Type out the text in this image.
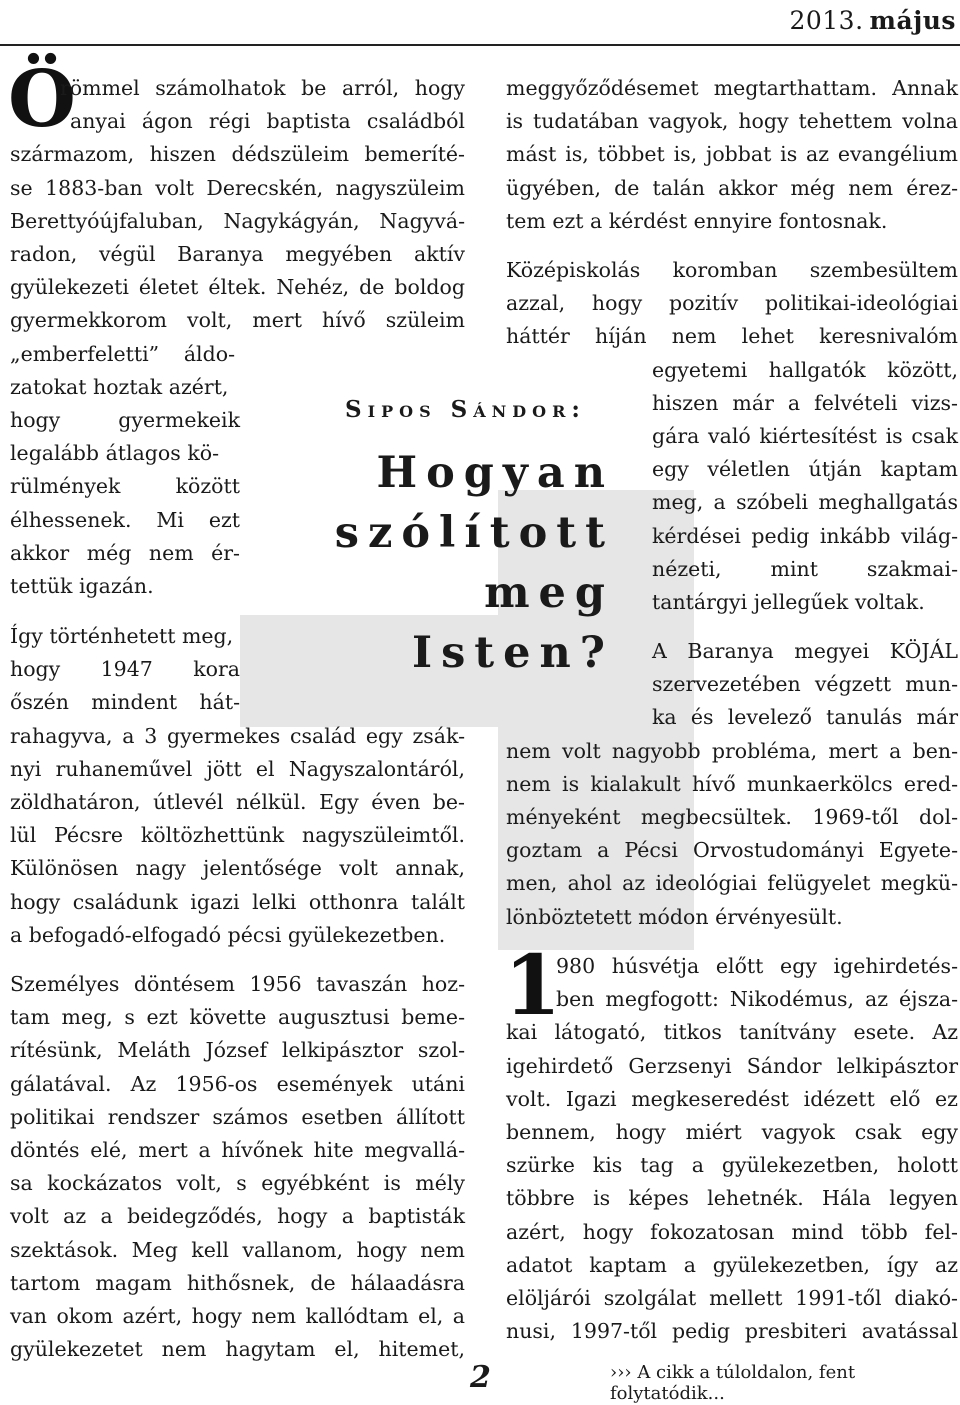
2013. május
Ö
römmel számolhatok be arról, hogy
anyai ágon régi baptista családból
származom, hiszen dédszüleim bemeríté-
se 1883-ban volt Derecskén, nagyszüleim
Berettyóújfaluban, Nagykágyán, Nagyvá-
radon, végül Baranya megyében aktív
gyülekezeti életet éltek. Nehéz, de boldog
gyermekkorom volt, mert hívő szüleim
„emberfeletti” áldo-
zatokat hoztak azért,
hogy gyermekeik
legalább átlagos kö-
rülmények között
élhessenek. Mi ezt
akkor még nem ér-
tettük igazán.
Így történhetett meg,
hogy 1947 kora
őszén mindent hát-
rahagyva, a 3 gyermekes család egy zsák-
nyi ruhaneművel jött el Nagyszalontáról,
zöldhatáron, útlevél nélkül. Egy éven be-
lül Pécsre költözhettünk nagyszüleimtől.
Különösen nagy jelentősége volt annak,
hogy családunk igazi lelki otthonra talált
a befogadó-elfogadó pécsi gyülekezetben.
Személyes döntésem 1956 tavaszán hoz-
tam meg, s ezt követte augusztusi beme-
rítésünk, Meláth József lelkipásztor szol-
gálatával. Az 1956-os események utáni
politikai rendszer számos esetben állított
döntés elé, mert a hívőnek hite megvallá-
sa kockázatos volt, s egyébként is mély
volt az a beidegződés, hogy a baptisták
szektások. Meg kell vallanom, hogy nem
tartom magam hithősnek, de hálaadásra
van okom azért, hogy nem kallódtam el, a
gyülekezetet nem hagytam el, hitemet,
Sipos Sándor:
Hogyan
szólított
meg
Isten?
meggyőződésemet megtarthattam. Annak
is tudatában vagyok, hogy tehettem volna
mást is, többet is, jobbat is az evangélium
ügyében, de talán akkor még nem érez-
tem ezt a kérdést ennyire fontosnak.
Középiskolás koromban szembesültem
azzal, hogy pozitív politikai-ideológiai
háttér híján nem lehet keresnivalóm
egyetemi hallgatók között,
hiszen már a felvételi vizs-
gára való kiértesítést is csak
egy véletlen útján kaptam
meg, a szóbeli meghallgatás
kérdései pedig inkább világ-
nézeti, mint szakmai-
tantárgyi jellegűek voltak.
A Baranya megyei KÖJÁL
szervezetében végzett mun-
ka és levelező tanulás már
nem volt nagyobb probléma, mert a ben-
nem is kialakult hívő munkaerkölcs ered-
ményeként megbecsültek. 1969-től dol-
goztam a Pécsi Orvostudományi Egyete-
men, ahol az ideológiai felügyelet megkü-
lönböztetett módon érvényesült.
1
980 húsvétja előtt egy igehirdetés-
ben megfogott: Nikodémus, az éjsza-
kai látogató, titkos tanítvány esete. Az
igehirdető Gerzsenyi Sándor lelkipásztor
volt. Igazi megkeseredést idézett elő ez
bennem, hogy miért vagyok csak egy
szürke kis tag a gyülekezetben, holott
többre is képes lehetnék. Hála legyen
azért, hogy fokozatosan mind több fel-
adatot kaptam a gyülekezetben, így az
elöljárói szolgálat mellett 1991-től diakó-
nusi, 1997-től pedig presbiteri avatással
2	››› A cikk a túloldalon, fent folytatódik...
